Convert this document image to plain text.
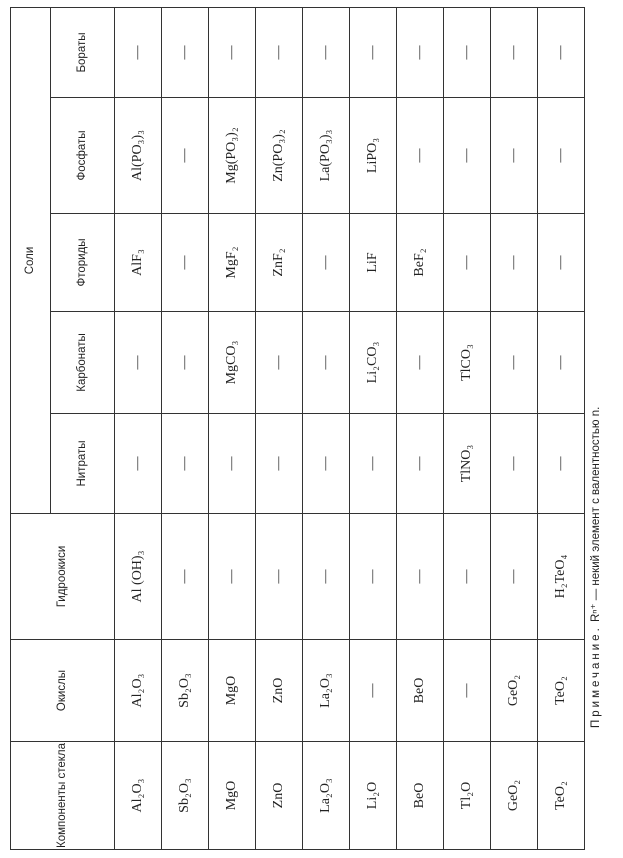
Компоненты стекла	Окислы	Гидроокиси	Соли				
			Нитраты	Карбонаты	Фториды	Фосфаты	Бораты
Al₂O₃	Al₂O₃	Al (OH)₃	—	—	AlF₃	Al(PO₃)₃	—
Sb₂O₃	Sb₂O₃	—	—	—	—	—	—
MgO	MgO	—	—	MgCO₃	MgF₂	Mg(PO₃)₂	—
ZnO	ZnO	—	—	—	ZnF₂	Zn(PO₃)₂	—
La₂O₃	La₂O₃	—	—	—	—	La(PO₃)₃	—
Li₂O	—	—	—	Li₂CO₃	LiF	LiPO₃	—
BeO	BeO	—	—	—	BeF₂	—	—
Tl₂O	—	—	TlNO₃	TlCO₃	—	—	—
GeO₂	GeO₂	—	—	—	—	—	—
TeO₂	TeO₂	H₂TeO₄	—	—	—	—	—
Примечание. Rⁿ⁺ — некий элемент с валентностью n.
